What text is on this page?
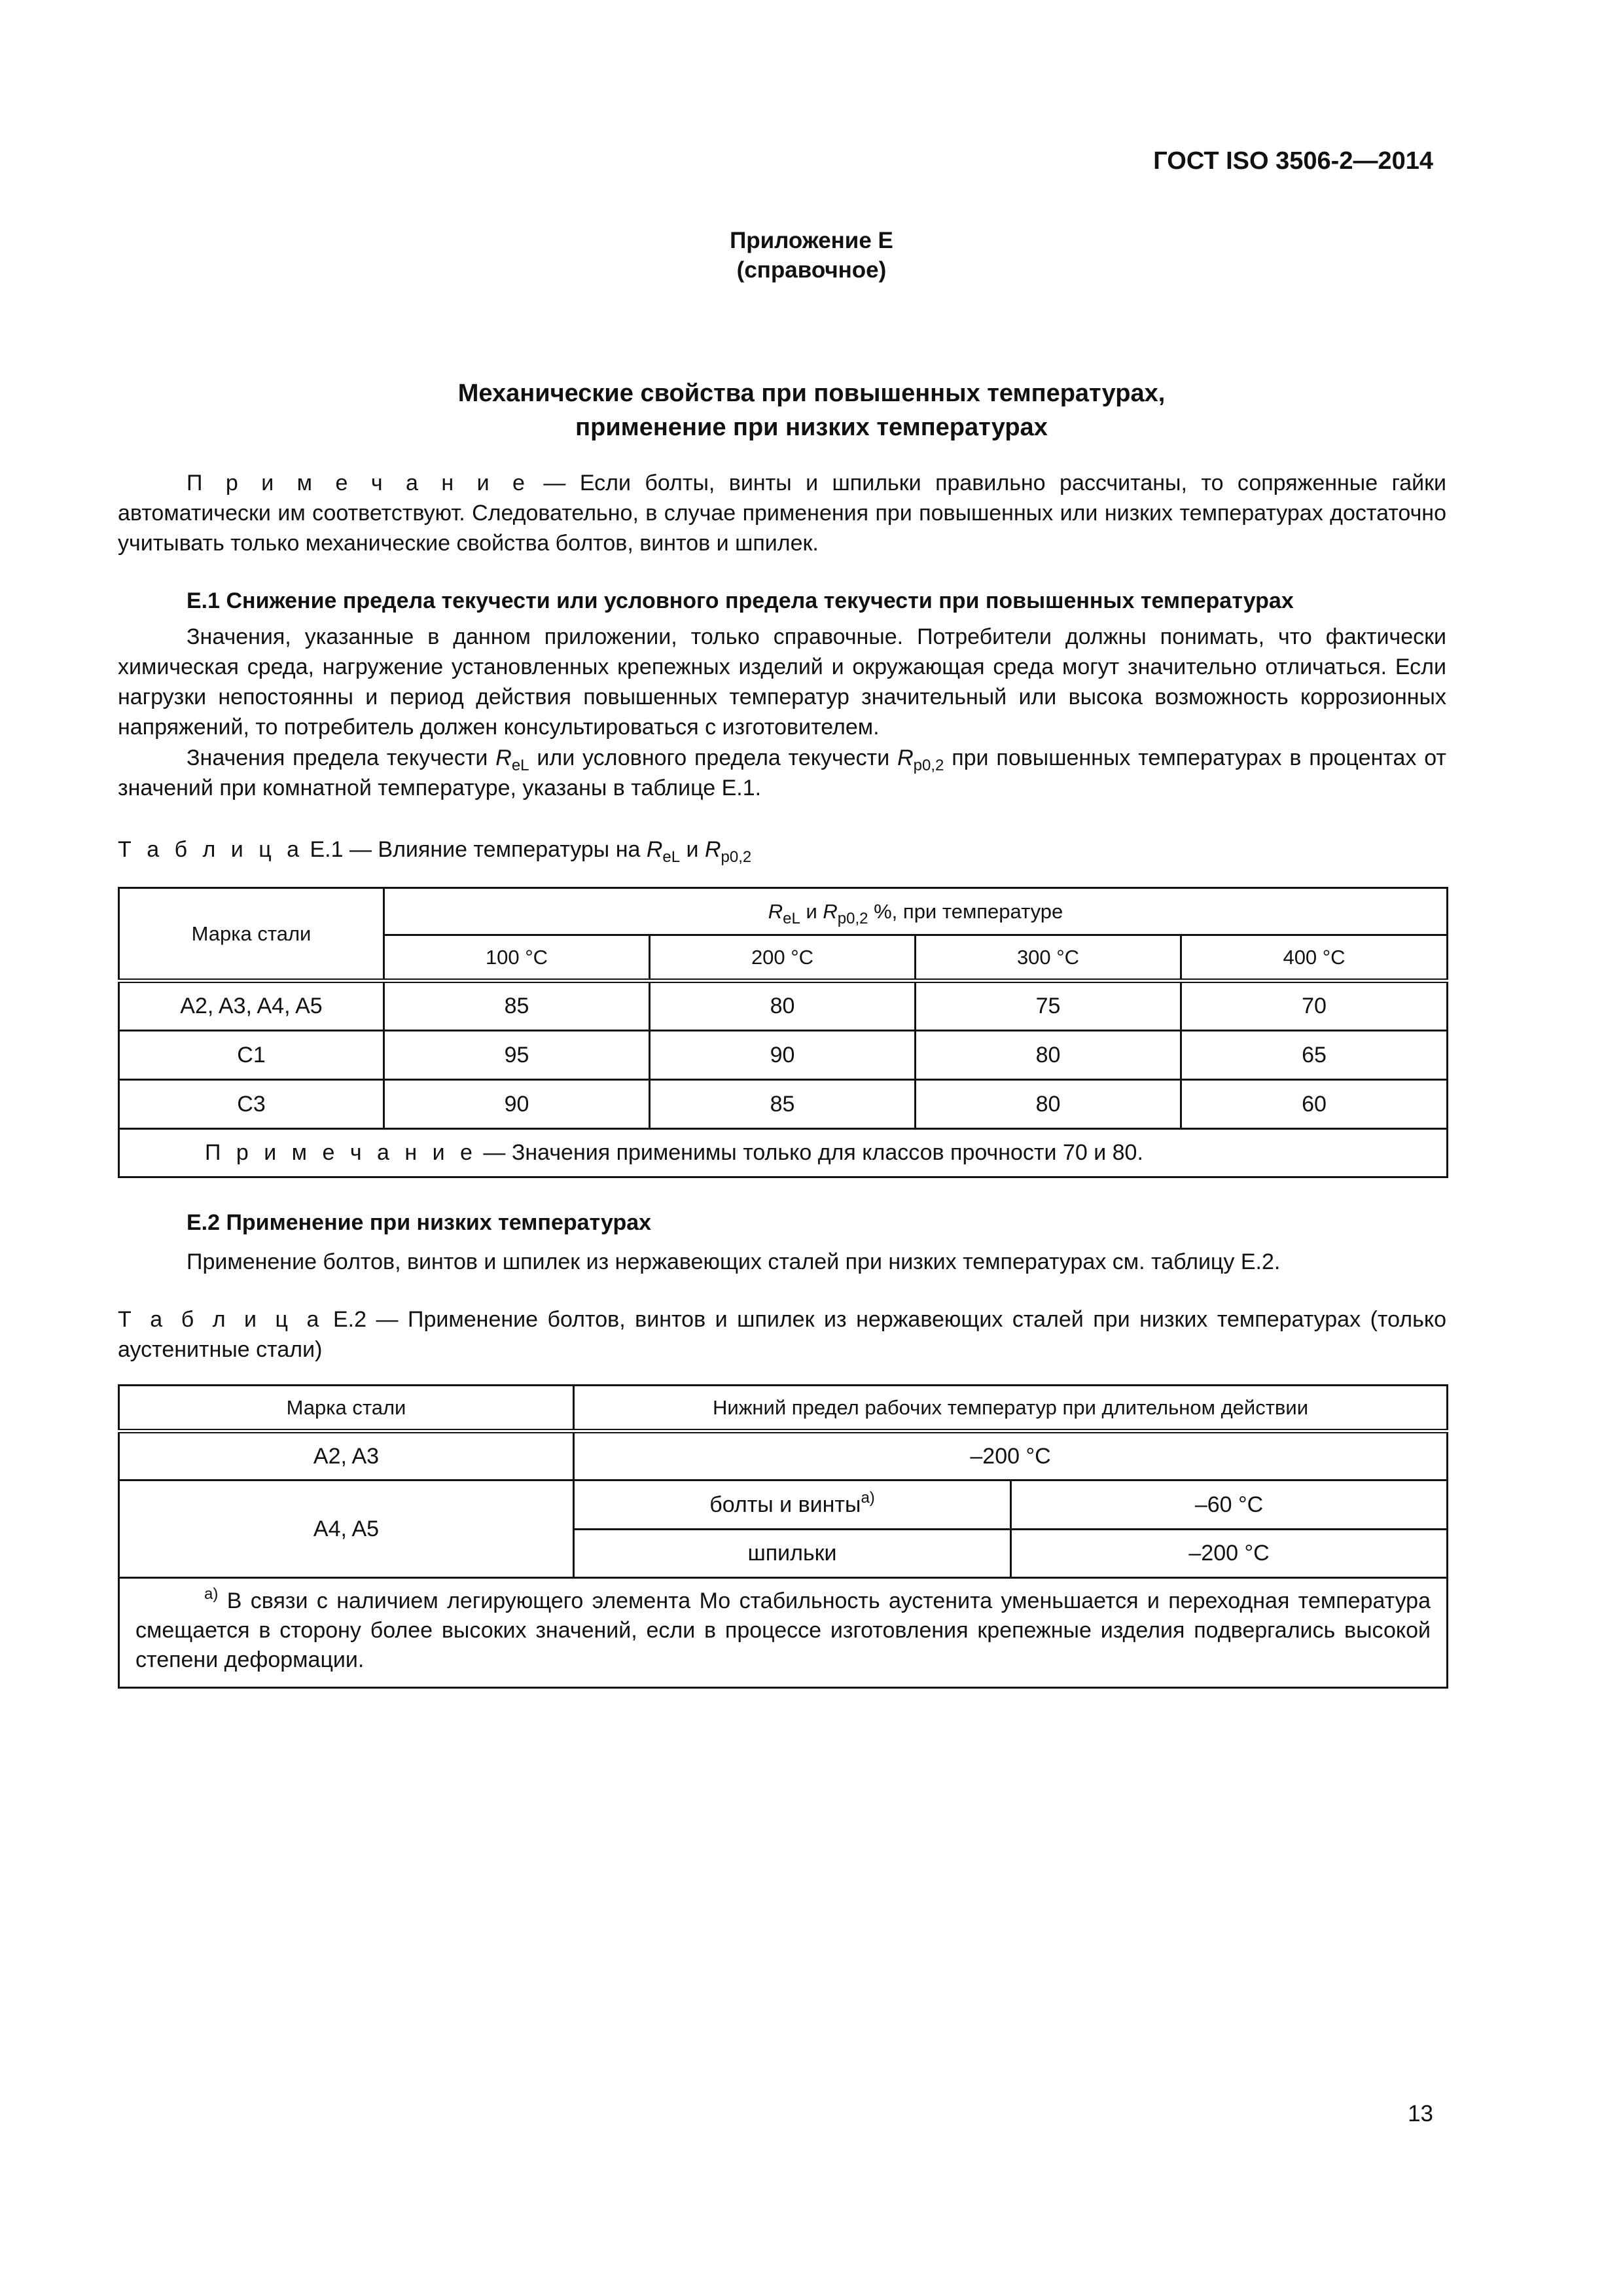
ГОСТ ISO 3506-2—2014
Приложение Е
(справочное)
Механические свойства при повышенных температурах,
применение при низких температурах
П р и м е ч а н и е — Если болты, винты и шпильки правильно рассчитаны, то сопряженные гайки автоматически им соответствуют. Следовательно, в случае применения при повышенных или низких температурах достаточно учитывать только механические свойства болтов, винтов и шпилек.
Е.1 Снижение предела текучести или условного предела текучести при повышенных температурах
Значения, указанные в данном приложении, только справочные. Потребители должны понимать, что фактически химическая среда, нагружение установленных крепежных изделий и окружающая среда могут значительно отличаться. Если нагрузки непостоянны и период действия повышенных температур значительный или высока возможность коррозионных напряжений, то потребитель должен консультироваться с изготовителем.
Значения предела текучести $R_{eL}$ или условного предела текучести $R_{p0,2}$ при повышенных температурах в процентах от значений при комнатной температуре, указаны в таблице Е.1.
Т а б л и ц а Е.1 — Влияние температуры на $R_{eL}$ и $R_{p0,2}$
Марка стали	$R_{eL}$ и $R_{p0,2}$ %, при температуре			
	100 °C	200 °C	300 °C	400 °C
A2, A3, A4, A5	85	80	75	70
C1	95	90	80	65
C3	90	85	80	60
П р и м е ч а н и е — Значения применимы только для классов прочности 70 и 80.				
Е.2 Применение при низких температурах
Применение болтов, винтов и шпилек из нержавеющих сталей при низких температурах см. таблицу Е.2.
Т а б л и ц а Е.2 — Применение болтов, винтов и шпилек из нержавеющих сталей при низких температурах (только аустенитные стали)
Марка стали	Нижний предел рабочих температур при длительном действии	
A2, A3	–200 °C	
A4, A5	болты и винты$^{a)}$	–60 °C
	шпильки	–200 °C
$^{a)}$ В связи с наличием легирующего элемента Мо стабильность аустенита уменьшается и переходная температура смещается в сторону более высоких значений, если в процессе изготовления крепежные изделия подвергались высокой степени деформации.		
13
